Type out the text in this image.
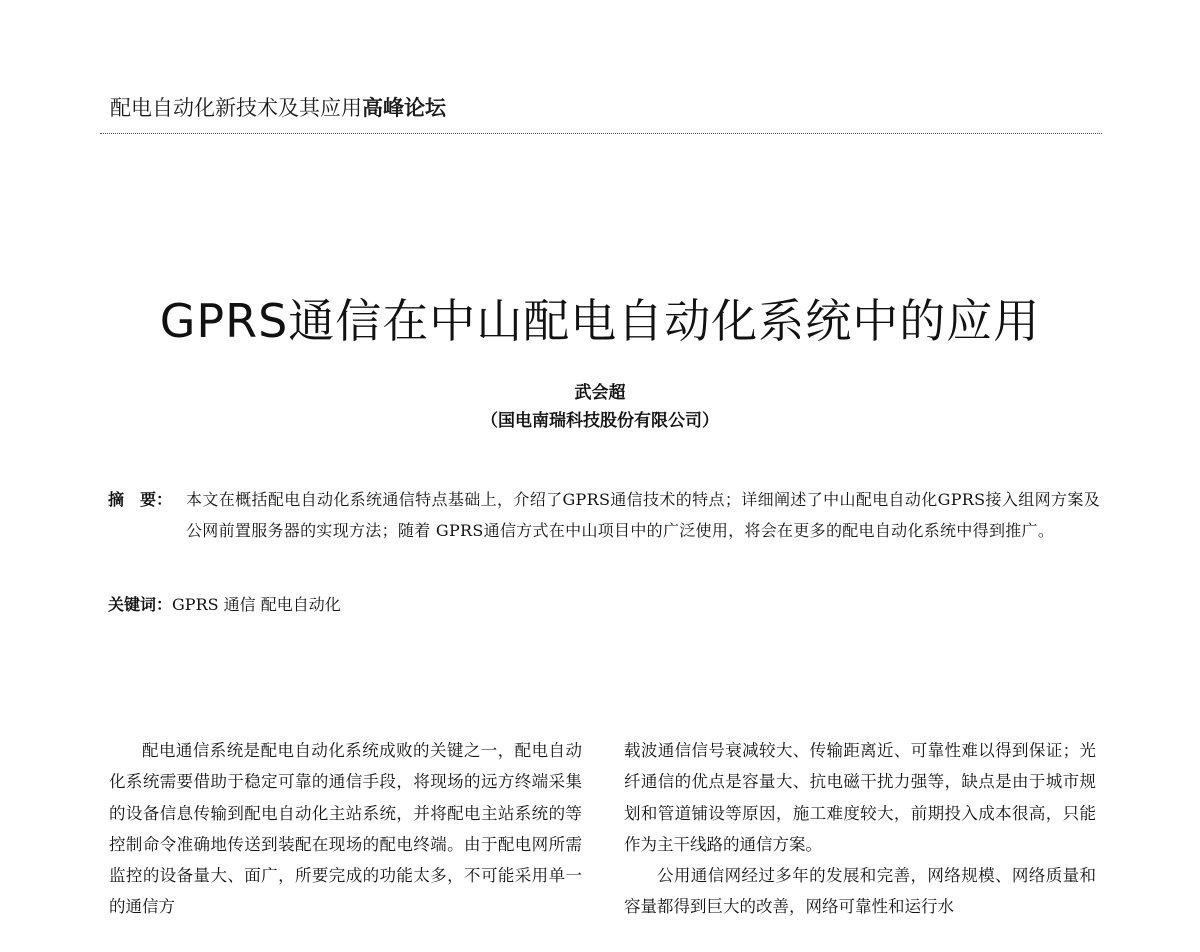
配电自动化新技术及其应用高峰论坛
GPRS通信在中山配电自动化系统中的应用
武会超
（国电南瑞科技股份有限公司）
摘　要： 本文在概括配电自动化系统通信特点基础上，介绍了GPRS通信技术的特点；详细阐述了中山配电自动化GPRS接入组网方案及公网前置服务器的实现方法；随着 GPRS通信方式在中山项目中的广泛使用，将会在更多的配电自动化系统中得到推广。
关键词：GPRS 通信 配电自动化

配电通信系统是配电自动化系统成败的关键之一，配电自动化系统需要借助于稳定可靠的通信手段，将现场的远方终端采集的设备信息传输到配电自动化主站系统，并将配电主站系统的等控制命令准确地传送到装配在现场的配电终端。由于配电网所需监控的设备量大、面广，所要完成的功能太多，不可能采用单一的通信方

载波通信信号衰减较大、传输距离近、可靠性难以得到保证；光纤通信的优点是容量大、抗电磁干扰力强等，缺点是由于城市规划和管道铺设等原因，施工难度较大，前期投入成本很高，只能作为主干线路的通信方案。

公用通信网经过多年的发展和完善，网络规模、网络质量和容量都得到巨大的改善，网络可靠性和运行水
